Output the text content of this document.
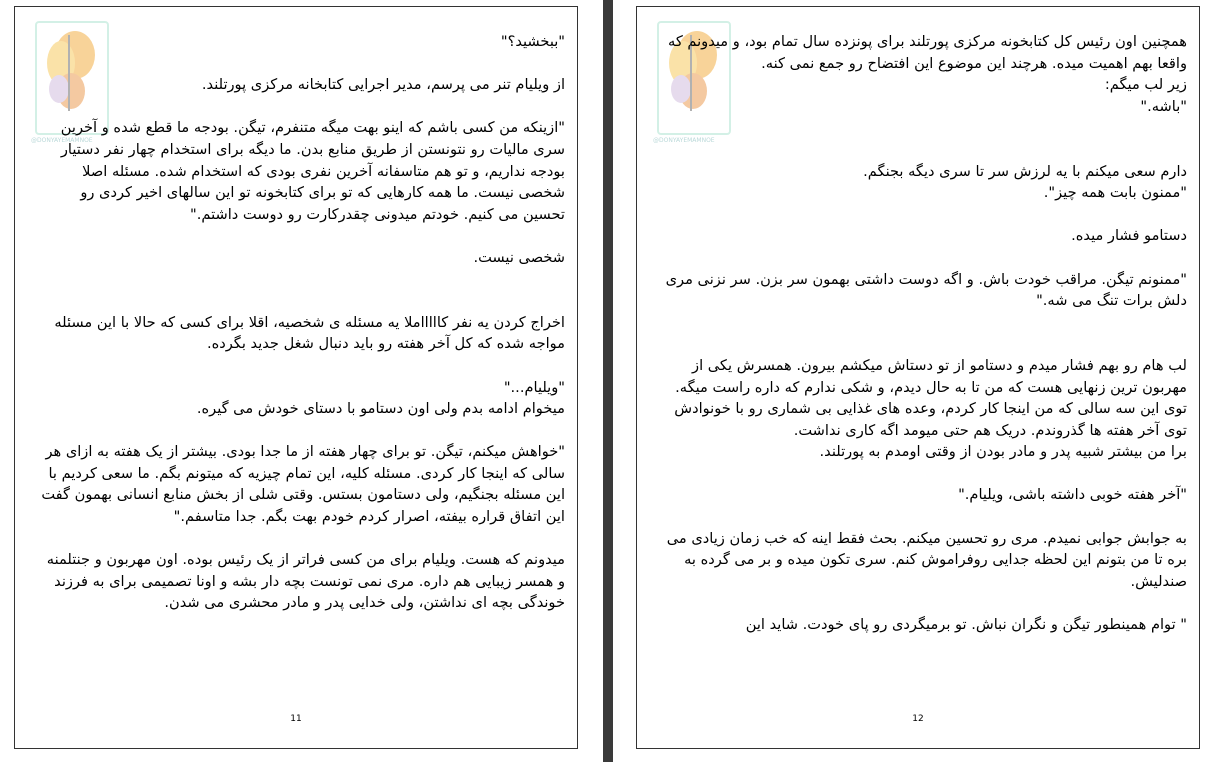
@DONYAYEMAMNOE

"ببخشید؟"

از ویلیام تنر می پرسم، مدیر اجرایی کتابخانه مرکزی پورتلند.

"ازینکه من کسی باشم که اینو بهت میگه متنفرم، تیگن. بودجه ما قطع شده و آخرین سری مالیات رو نتونستن از طریق منابع بدن. ما دیگه برای استخدام چهار نفر دستیار بودجه نداریم، و تو هم متاسفانه آخرین نفری بودی که استخدام شده. مسئله اصلا شخصی نیست. ما همه کارهایی که تو برای کتابخونه تو این سالهای اخیر کردی رو تحسین می کنیم. خودتم میدونی چقدرکارت رو دوست داشتم."

شخصی نیست.

اخراج کردن یه نفر کاااااملا یه مسئله ی شخصیه، اقلا برای کسی که حالا با این مسئله مواجه شده که کل آخر هفته رو باید دنبال شغل جدید بگرده.

"ویلیام..."

میخوام ادامه بدم ولی اون دستامو با دستای خودش می گیره.

"خواهش میکنم، تیگن. تو برای چهار هفته از ما جدا بودی. بیشتر از یک هفته به ازای هر سالی که اینجا کار کردی. مسئله کلیه، این تمام چیزیه که میتونم بگم. ما سعی کردیم با این مسئله بجنگیم، ولی دستامون بستس. وقتی شلی از بخش منابع انسانی بهمون گفت این اتفاق قراره بیفته، اصرار کردم خودم بهت بگم. جدا متاسفم."

میدونم که هست. ویلیام برای من کسی فراتر از یک رئیس بوده. اون مهربون و جنتلمنه و همسر زیبایی هم داره. مری نمی تونست بچه دار بشه و اونا تصمیمی برای به فرزند خوندگی بچه ای نداشتن، ولی خدایی پدر و مادر محشری می شدن.

11
@DONYAYEMAMNOE

همچنین اون رئیس کل کتابخونه مرکزی پورتلند برای پونزده سال تمام بود، و میدونم که واقعا بهم اهمیت میده. هرچند این موضوع این افتضاح رو جمع نمی کنه.

زیر لب میگم:

"باشه."

دارم سعی میکنم با یه لرزش سر تا سری دیگه بجنگم.

"ممنون بابت همه چیز".

دستامو فشار میده.

"ممنونم تیگن. مراقب خودت باش. و اگه دوست داشتی بهمون سر بزن. سر نزنی مری دلش برات تنگ می شه."

لب هام رو بهم فشار میدم و دستامو از تو دستاش میکشم بیرون. همسرش یکی از مهربون ترین زنهایی هست که من تا به حال دیدم، و شکی ندارم که داره راست میگه. توی این سه سالی که من اینجا کار کردم، وعده های غذایی بی شماری رو با خونوادش توی آخر هفته ها گذروندم. دریک هم حتی میومد اگه کاری نداشت.

برا من بیشتر شبیه پدر و مادر بودن از وقتی اومدم به پورتلند.

"آخر هفته خوبی داشته باشی، ویلیام."

به جوابش جوابی نمیدم. مری رو تحسین میکنم. بحث فقط اینه که خب زمان زیادی می بره تا من بتونم این لحظه جدایی روفراموش کنم. سری تکون میده و بر می گرده به صندلیش.

" توام همینطور تیگن و نگران نباش. تو برمیگردی رو پای خودت. شاید این

12
